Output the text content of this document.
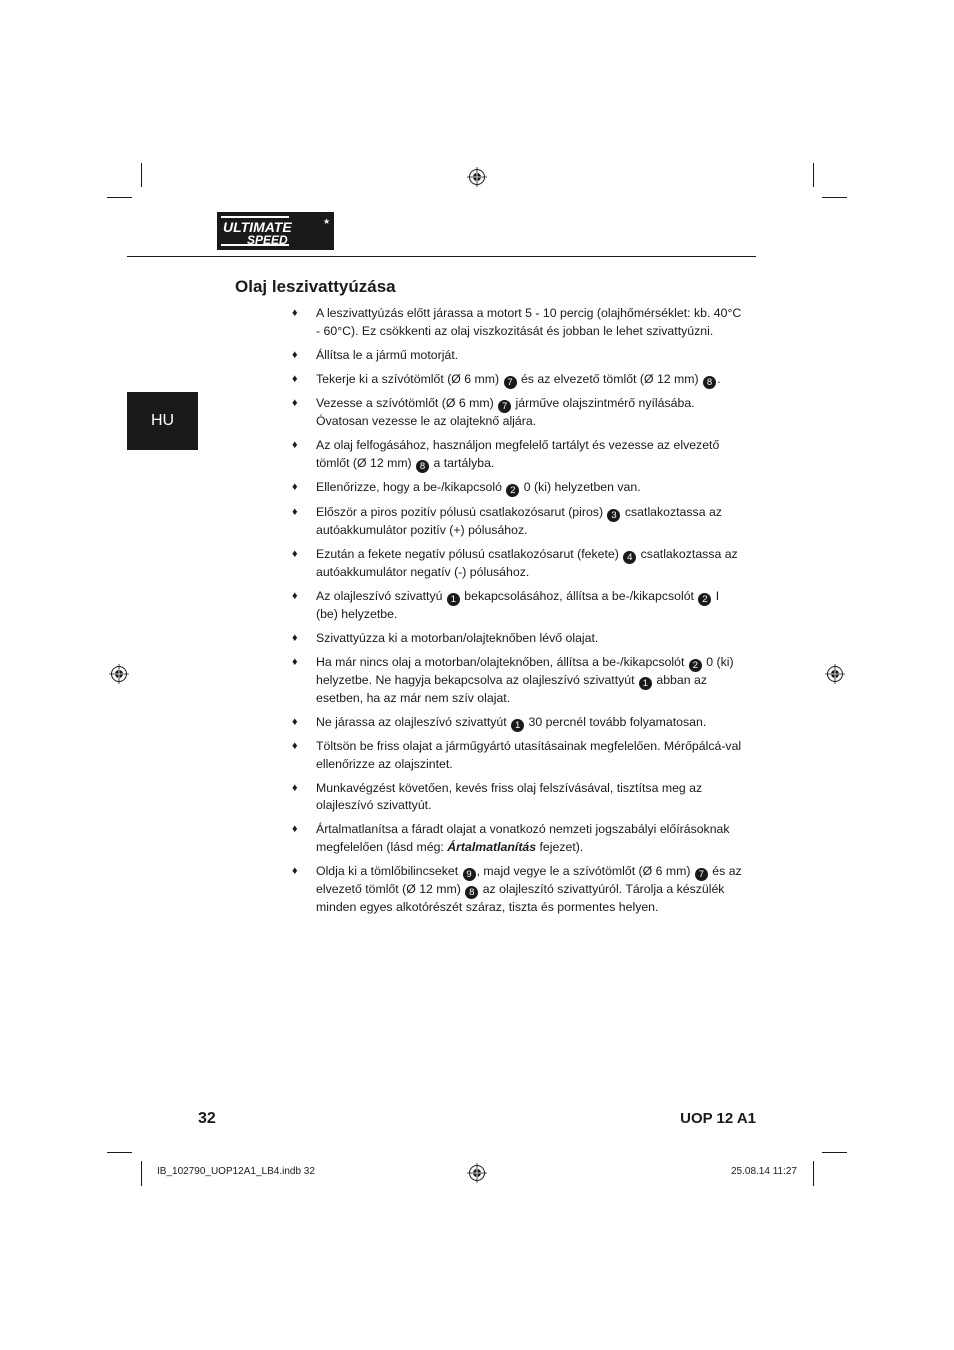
ULTIMATE
SPEED
★
HU
Olaj leszivattyúzása
♦ A leszivattyúzás előtt járassa a motort 5 - 10 percig (olajhőmérséklet: kb. 40°C - 60°C). Ez csökkenti az olaj viszkozitását és jobban le lehet szivattyúzni.
♦ Állítsa le a jármű motorját.
♦ Tekerje ki a szívótömlőt (Ø 6 mm) 7 és az elvezető tömlőt (Ø 12 mm) 8 .
♦ Vezesse a szívótömlőt (Ø 6 mm) 7 járműve olajszintmérő nyílásába. Óvatosan vezesse le az olajteknő aljára.
♦ Az olaj felfogásához, használjon megfelelő tartályt és vezesse az elvezető tömlőt (Ø 12 mm) 8 a tartályba.
♦ Ellenőrizze, hogy a be-/kikapcsoló 2 0 (ki) helyzetben van.
♦ Először a piros pozitív pólusú csatlakozósarut (piros) 3 csatlakoztassa az autóakkumulátor pozitív (+) pólusához.
♦ Ezután a fekete negatív pólusú csatlakozósarut (fekete) 4 csatlakoztassa az autóakkumulátor negatív (-) pólusához.
♦ Az olajleszívó szivattyú 1 bekapcsolásához, állítsa a be-/kikapcsolót 2 I (be) helyzetbe.
♦ Szivattyúzza ki a motorban/olajteknőben lévő olajat.
♦ Ha már nincs olaj a motorban/olajteknőben, állítsa a be-/kikapcsolót 2 0 (ki) helyzetbe. Ne hagyja bekapcsolva az olajleszívó szivattyút 1 abban az esetben, ha az már nem szív olajat.
♦ Ne járassa az olajleszívó szivattyút 1 30 percnél tovább folyamatosan.
♦ Töltsön be friss olajat a járműgyártó utasításainak megfelelően. Mérőpálcá-val ellenőrizze az olajszintet.
♦ Munkavégzést követően, kevés friss olaj felszívásával, tisztítsa meg az olajleszívó szivattyút.
♦ Ártalmatlanítsa a fáradt olajat a vonatkozó nemzeti jogszabályi előírásoknak megfelelően (lásd még: Ártalmatlanítás fejezet).
♦ Oldja ki a tömlőbilincseket 9 , majd vegye le a szívótömlőt (Ø 6 mm) 7 és az elvezető tömlőt (Ø 12 mm) 8 az olajleszító szivattyúról. Tárolja a készülék minden egyes alkotórészét száraz, tiszta és pormentes helyen.
32	UOP 12 A1
IB_102790_UOP12A1_LB4.indb 32	25.08.14 11:27
